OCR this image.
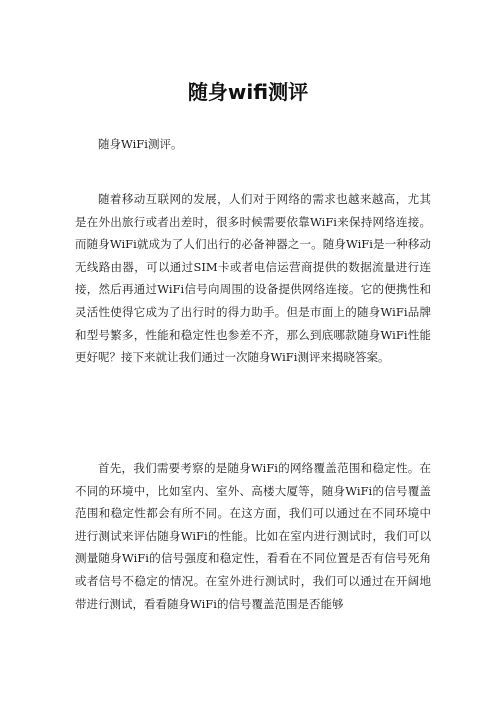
随身wifi测评

随身WiFi测评。

随着移动互联网的发展，人们对于网络的需求也越来越高，尤其是在外出旅行或者出差时，很多时候需要依靠WiFi来保持网络连接。而随身WiFi就成为了人们出行的必备神器之一。随身WiFi是一种移动无线路由器，可以通过SIM卡或者电信运营商提供的数据流量进行连接，然后再通过WiFi信号向周围的设备提供网络连接。它的便携性和灵活性使得它成为了出行时的得力助手。但是市面上的随身WiFi品牌和型号繁多，性能和稳定性也参差不齐，那么到底哪款随身WiFi性能更好呢？接下来就让我们通过一次随身WiFi测评来揭晓答案。

首先，我们需要考察的是随身WiFi的网络覆盖范围和稳定性。在不同的环境中，比如室内、室外、高楼大厦等，随身WiFi的信号覆盖范围和稳定性都会有所不同。在这方面，我们可以通过在不同环境中进行测试来评估随身WiFi的性能。比如在室内进行测试时，我们可以测量随身WiFi的信号强度和稳定性，看看在不同位置是否有信号死角或者信号不稳定的情况。在室外进行测试时，我们可以通过在开阔地带进行测试，看看随身WiFi的信号覆盖范围是否能够
